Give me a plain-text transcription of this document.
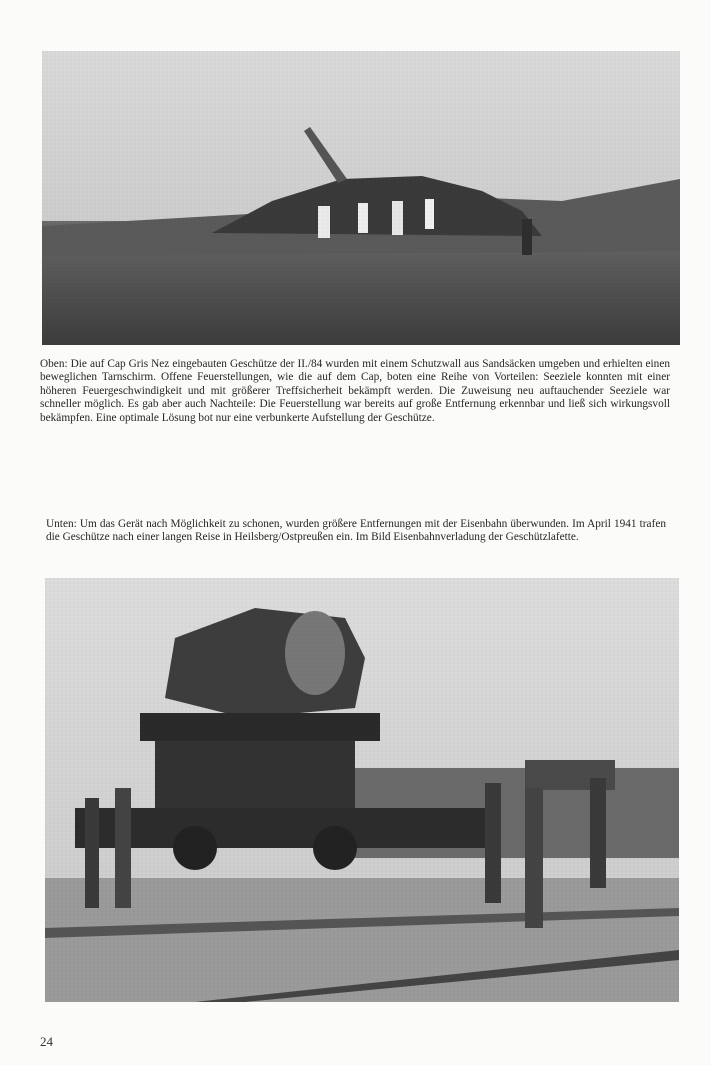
Oben: Die auf Cap Gris Nez eingebauten Geschütze der II./84 wurden mit einem Schutzwall aus Sandsäcken umgeben und erhielten einen beweglichen Tarnschirm. Offene Feuerstellungen, wie die auf dem Cap, boten eine Reihe von Vorteilen: Seeziele konnten mit einer höheren Feuergeschwindigkeit und mit größerer Treffsicherheit bekämpft werden. Die Zuweisung neu auftauchender Seeziele war schneller möglich. Es gab aber auch Nachteile: Die Feuerstellung war bereits auf große Entfernung erkennbar und ließ sich wirkungsvoll bekämpfen. Eine optimale Lösung bot nur eine verbunkerte Aufstellung der Geschütze.

Unten: Um das Gerät nach Möglichkeit zu schonen, wurden größere Entfernungen mit der Eisenbahn überwunden. Im April 1941 trafen die Geschütze nach einer langen Reise in Heilsberg/Ostpreußen ein. Im Bild Eisenbahnverladung der Geschützlafette.

24
